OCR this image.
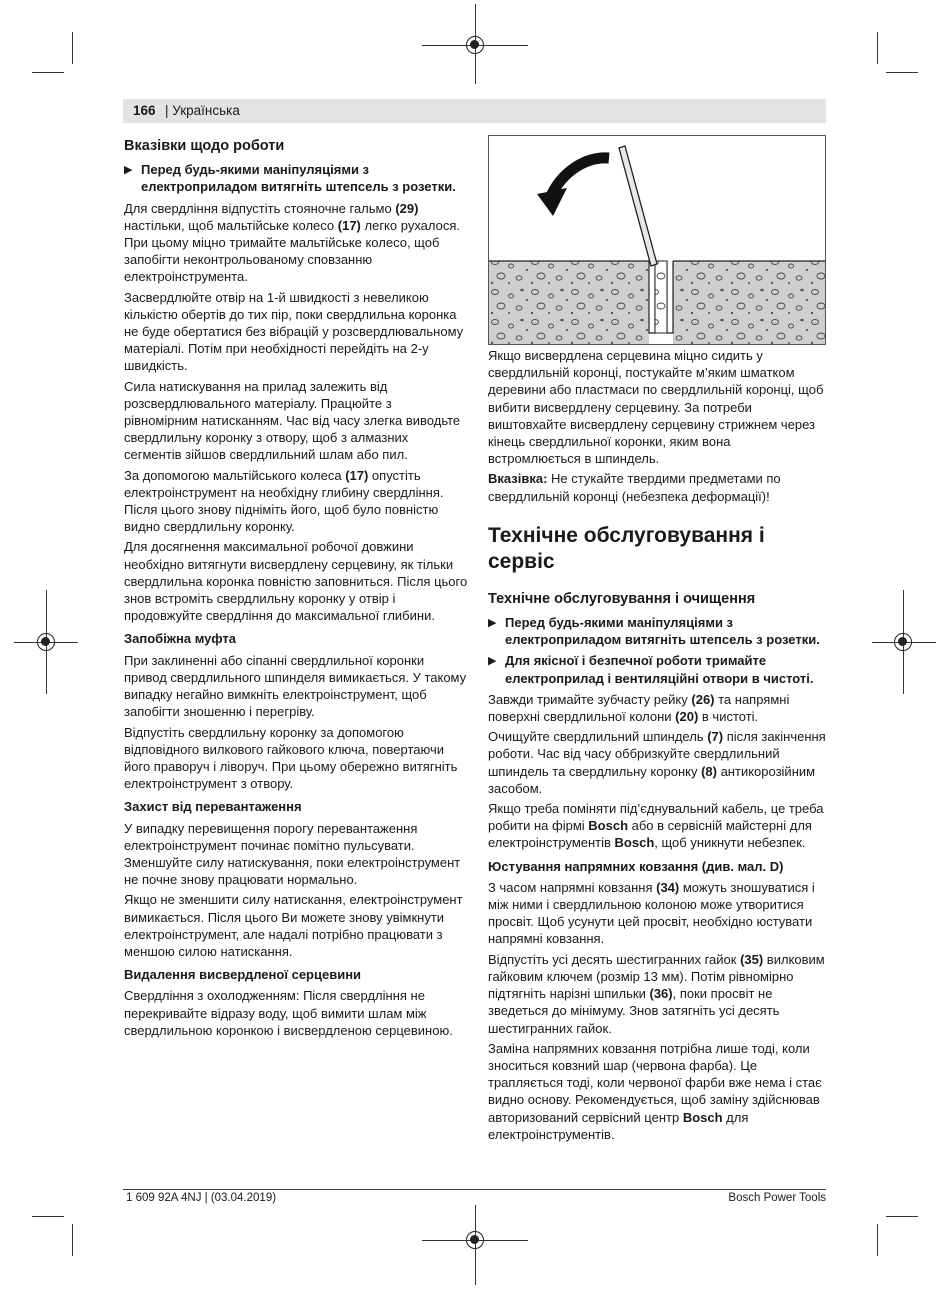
166 | Українська
Вказівки щодо роботи
▶ Перед будь-якими маніпуляціями з електроприладом витягніть штепсель з розетки.

Для свердління відпустіть стояночне гальмо (29) настільки, щоб мальтійське колесо (17) легко рухалося. При цьому міцно тримайте мальтійське колесо, щоб запобігти неконтрольованому сповзанню електроінструмента.

Засвердлюйте отвір на 1-й швидкості з невеликою кількістю обертів до тих пір, поки свердлильна коронка не буде обертатися без вібрацій у розсвердлювальному матеріалі. Потім при необхідності перейдіть на 2-у швидкість.

Сила натискування на прилад залежить від розсвердлювального матеріалу. Працюйте з рівномірним натисканням. Час від часу злегка виводьте свердлильну коронку з отвору, щоб з алмазних сегментів зійшов свердлильний шлам або пил.

За допомогою мальтійського колеса (17) опустіть електроінструмент на необхідну глибину свердління. Після цього знову підніміть його, щоб було повністю видно свердлильну коронку.

Для досягнення максимальної робочої довжини необхідно витягнути висвердлену серцевину, як тільки свердлильна коронка повністю заповниться. Після цього знов встроміть свердлильну коронку у отвір і продовжуйте свердління до максимальної глибини.

Запобіжна муфта

При заклиненні або сіпанні свердлильної коронки привод свердлильного шпинделя вимикається. У такому випадку негайно вимкніть електроінструмент, щоб запобігти зношенню і перегріву.

Відпустіть свердлильну коронку за допомогою відповідного вилкового гайкового ключа, повертаючи його праворуч і ліворуч. При цьому обережно витягніть електроінструмент з отвору.

Захист від перевантаження

У випадку перевищення порогу перевантаження електроінструмент починає помітно пульсувати. Зменшуйте силу натискування, поки електроінструмент не почне знову працювати нормально.

Якщо не зменшити силу натискання, електроінструмент вимикається. Після цього Ви можете знову увімкнути електроінструмент, але надалі потрібно працювати з меншою силою натискання.

Видалення висвердленої серцевини

Свердління з охолодженням: Після свердління не перекривайте відразу воду, щоб вимити шлам між свердлильною коронкою і висвердленою серцевиною.

Якщо висвердлена серцевина міцно сидить у свердлильній коронці, постукайте м’яким шматком деревини або пластмаси по свердлильній коронці, щоб вибити висвердлену серцевину. За потреби виштовхайте висвердлену серцевину стрижнем через кінець свердлильної коронки, яким вона встромлюється в шпиндель.

Вказівка: Не стукайте твердими предметами по свердлильній коронці (небезпека деформації)!

Технічне обслуговування і сервіс
Технічне обслуговування і очищення
▶ Перед будь-якими маніпуляціями з електроприладом витягніть штепсель з розетки.
▶ Для якісної і безпечної роботи тримайте електроприлад і вентиляційні отвори в чистоті.

Завжди тримайте зубчасту рейку (26) та напрямні поверхні свердлильної колони (20) в чистоті.

Очищуйте свердлильний шпиндель (7) після закінчення роботи. Час від часу оббризкуйте свердлильний шпиндель та свердлильну коронку (8) антикорозійним засобом.

Якщо треба поміняти під’єднувальний кабель, це треба робити на фірмі Bosch або в сервісній майстерні для електроінструментів Bosch, щоб уникнути небезпек.

Юстування напрямних ковзання (див. мал. D)

З часом напрямні ковзання (34) можуть зношуватися і між ними і свердлильною колоною може утворитися просвіт. Щоб усунути цей просвіт, необхідно юстувати напрямні ковзання.

Відпустіть усі десять шестигранних гайок (35) вилковим гайковим ключем (розмір 13 мм). Потім рівномірно підтягніть нарізні шпильки (36), поки просвіт не зведеться до мінімуму. Знов затягніть усі десять шестигранних гайок.

Заміна напрямних ковзання потрібна лише тоді, коли зноситься ковзний шар (червона фарба). Це трапляється тоді, коли червоної фарби вже нема і стає видно основу. Рекомендується, щоб заміну здійснював авторизований сервісний центр Bosch для електроінструментів.

1 609 92A 4NJ | (03.04.2019)	Bosch Power Tools
